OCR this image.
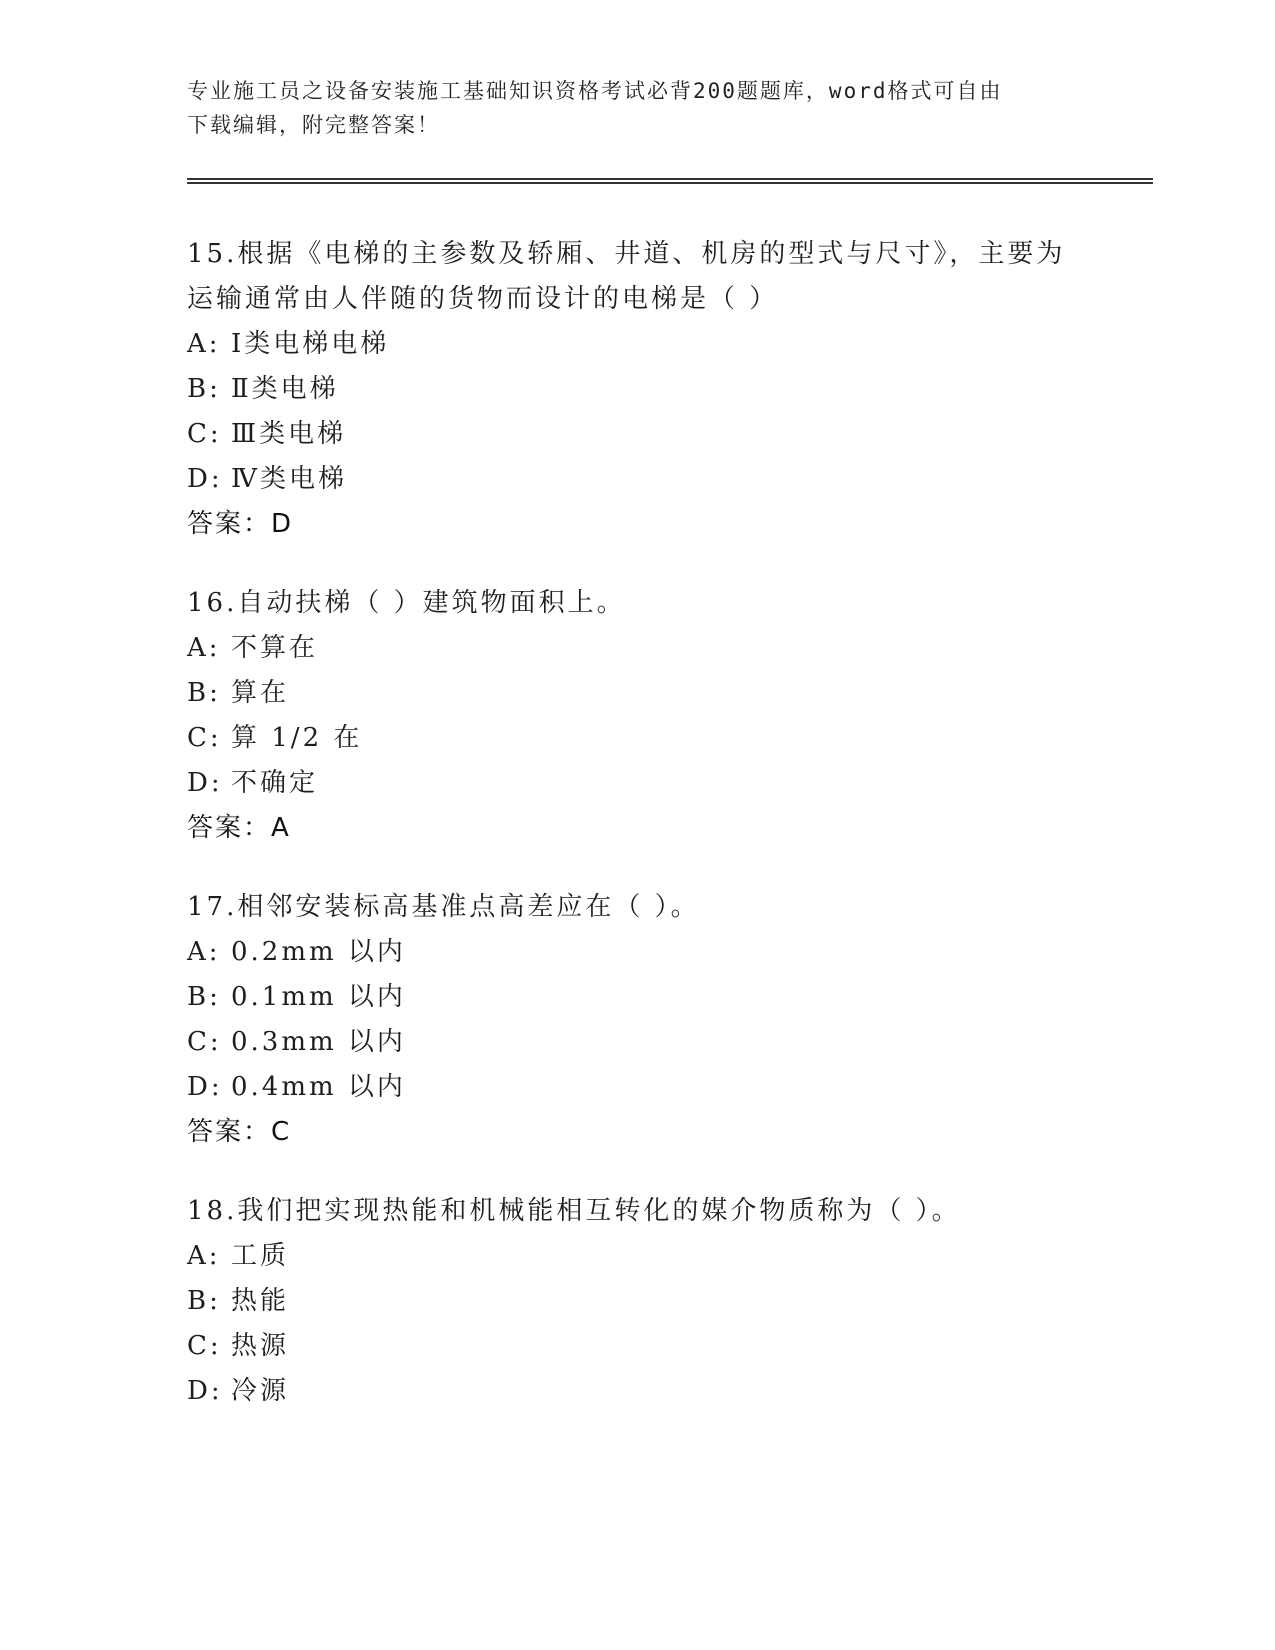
专业施工员之设备安装施工基础知识资格考试必背200题题库，word格式可自由
下载编辑，附完整答案！
15.根据《电梯的主参数及轿厢、井道、机房的型式与尺寸》，主要为
运输通常由人伴随的货物而设计的电梯是（ ）
A: Ⅰ类电梯电梯
B: Ⅱ类电梯
C: Ⅲ类电梯
D: Ⅳ类电梯
答案：D
16.自动扶梯（ ）建筑物面积上。
A: 不算在
B: 算在
C: 算 1/2 在
D: 不确定
答案：A
17.相邻安装标高基准点高差应在（ ）。
A: 0.2mm 以内
B: 0.1mm 以内
C: 0.3mm 以内
D: 0.4mm 以内
答案：C
18.我们把实现热能和机械能相互转化的媒介物质称为（ ）。
A: 工质
B: 热能
C: 热源
D: 冷源
